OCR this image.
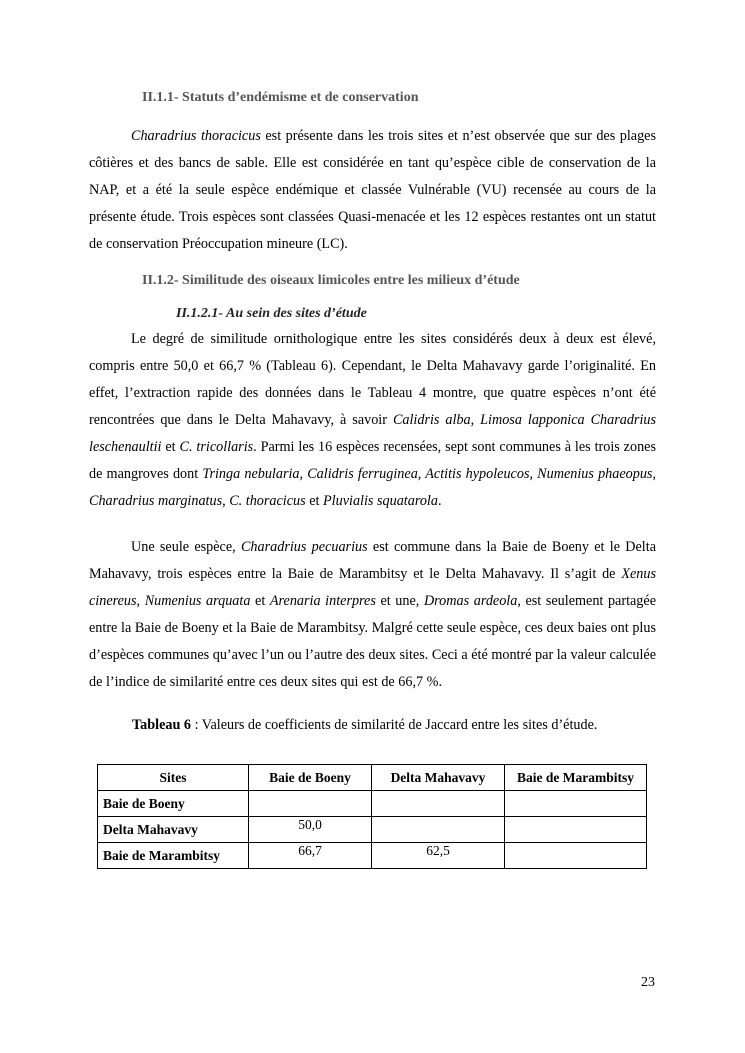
II.1.1- Statuts d’endémisme et de conservation

Charadrius thoracicus est présente dans les trois sites et n’est observée que sur des plages côtières et des bancs de sable. Elle est considérée en tant qu’espèce cible de conservation de la NAP, et a été la seule espèce endémique et classée Vulnérable (VU) recensée au cours de la présente étude. Trois espèces sont classées Quasi-menacée et les 12 espèces restantes ont un statut de conservation Préoccupation mineure (LC).

II.1.2- Similitude des oiseaux limicoles entre les milieux d’étude
II.1.2.1- Au sein des sites d’étude

Le degré de similitude ornithologique entre les sites considérés deux à deux est élevé, compris entre 50,0 et 66,7 % (Tableau 6). Cependant, le Delta Mahavavy garde l’originalité. En effet, l’extraction rapide des données dans le Tableau 4 montre, que quatre espèces n’ont été rencontrées que dans le Delta Mahavavy, à savoir Calidris alba, Limosa lapponica Charadrius leschenaultii et C. tricollaris. Parmi les 16 espèces recensées, sept sont communes à les trois zones de mangroves dont Tringa nebularia, Calidris ferruginea, Actitis hypoleucos, Numenius phaeopus, Charadrius marginatus, C. thoracicus et Pluvialis squatarola.

Une seule espèce, Charadrius pecuarius est commune dans la Baie de Boeny et le Delta Mahavavy, trois espèces entre la Baie de Marambitsy et le Delta Mahavavy. Il s’agit de Xenus cinereus, Numenius arquata et Arenaria interpres et une, Dromas ardeola, est seulement partagée entre la Baie de Boeny et la Baie de Marambitsy. Malgré cette seule espèce, ces deux baies ont plus d’espèces communes qu’avec l’un ou l’autre des deux sites. Ceci a été montré par la valeur calculée de l’indice de similarité entre ces deux sites qui est de 66,7 %.

Tableau 6 : Valeurs de coefficients de similarité de Jaccard entre les sites d’étude.
Sites	Baie de Boeny	Delta Mahavavy	Baie de Marambitsy
Baie de Boeny			
Delta Mahavavy	50,0		
Baie de Marambitsy	66,7	62,5	
23
